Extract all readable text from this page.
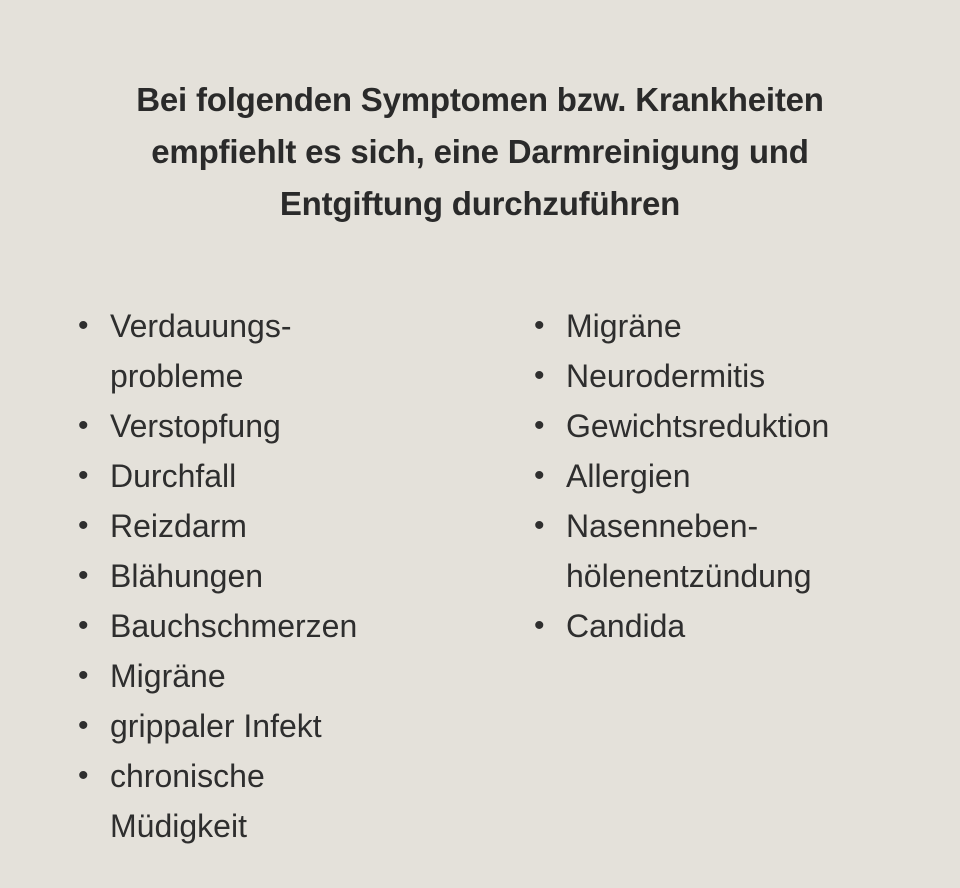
Bei folgenden Symptomen bzw. Krankheiten
empfiehlt es sich, eine Darmreinigung und
Entgiftung durchzuführen
• Verdauungs-
probleme
• Verstopfung
• Durchfall
• Reizdarm
• Blähungen
• Bauchschmerzen
• Migräne
• grippaler Infekt
• chronische
Müdigkeit
• Migräne
• Neurodermitis
• Gewichtsreduktion
• Allergien
• Nasenneben-
hölenentzündung
• Candida
